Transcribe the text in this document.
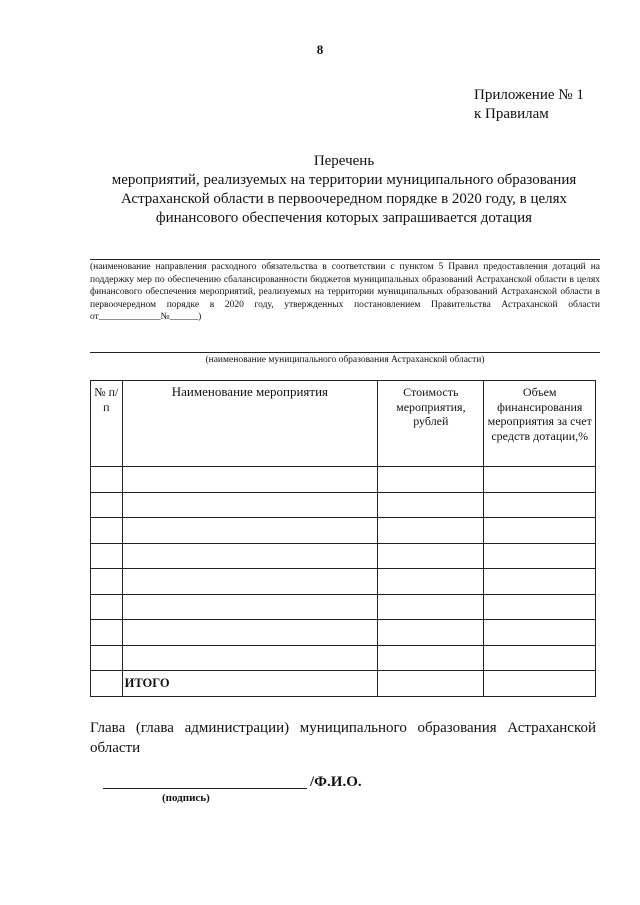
8
Приложение № 1
к Правилам
Перечень
мероприятий, реализуемых на территории муниципального образования Астраханской области в первоочередном порядке в 2020 году, в целях финансового обеспечения которых запрашивается дотация
(наименование направления расходного обязательства в соответствии с пунктом 5 Правил предоставления дотаций на поддержку мер по обеспечению сбалансированности бюджетов муниципальных образований Астраханской области в целях финансового обеспечения мероприятий, реализуемых на территории муниципальных образований Астраханской области в первоочередном порядке в 2020 году, утвержденных постановлением Правительства Астраханской области от_____________№______)
(наименование муниципального образования Астраханской области)
№ п/п	Наименование мероприятия	Стоимость мероприятия, рублей	Объем финансирования мероприятия за счет средств дотации,%

	ИТОГО		
Глава (глава администрации) муниципального образования Астраханской области
/Ф.И.О.
(подпись)
